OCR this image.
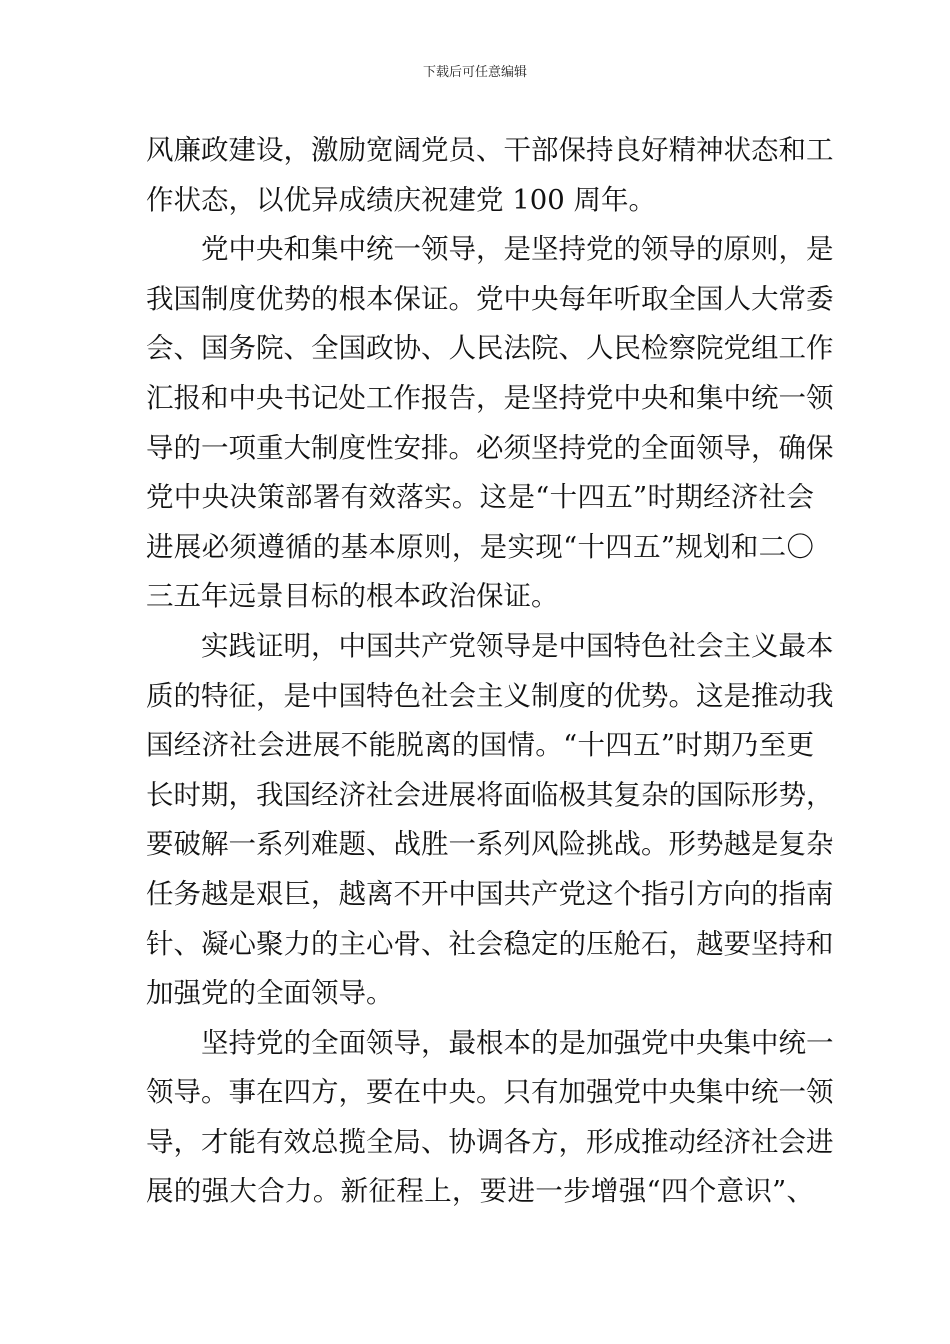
下载后可任意编辑
风廉政建设，激励宽阔党员、干部保持良好精神状态和工
作状态，以优异成绩庆祝建党 100 周年。
党中央和集中统一领导，是坚持党的领导的原则，是
我国制度优势的根本保证。党中央每年听取全国人大常委
会、国务院、全国政协、人民法院、人民检察院党组工作
汇报和中央书记处工作报告，是坚持党中央和集中统一领
导的一项重大制度性安排。必须坚持党的全面领导，确保
党中央决策部署有效落实。这是“十四五”时期经济社会
进展必须遵循的基本原则，是实现“十四五”规划和二〇
三五年远景目标的根本政治保证。
实践证明，中国共产党领导是中国特色社会主义最本
质的特征，是中国特色社会主义制度的优势。这是推动我
国经济社会进展不能脱离的国情。“十四五”时期乃至更
长时期，我国经济社会进展将面临极其复杂的国际形势，
要破解一系列难题、战胜一系列风险挑战。形势越是复杂
任务越是艰巨，越离不开中国共产党这个指引方向的指南
针、凝心聚力的主心骨、社会稳定的压舱石，越要坚持和
加强党的全面领导。
坚持党的全面领导，最根本的是加强党中央集中统一
领导。事在四方，要在中央。只有加强党中央集中统一领
导，才能有效总揽全局、协调各方，形成推动经济社会进
展的强大合力。新征程上，要进一步增强“四个意识”、
